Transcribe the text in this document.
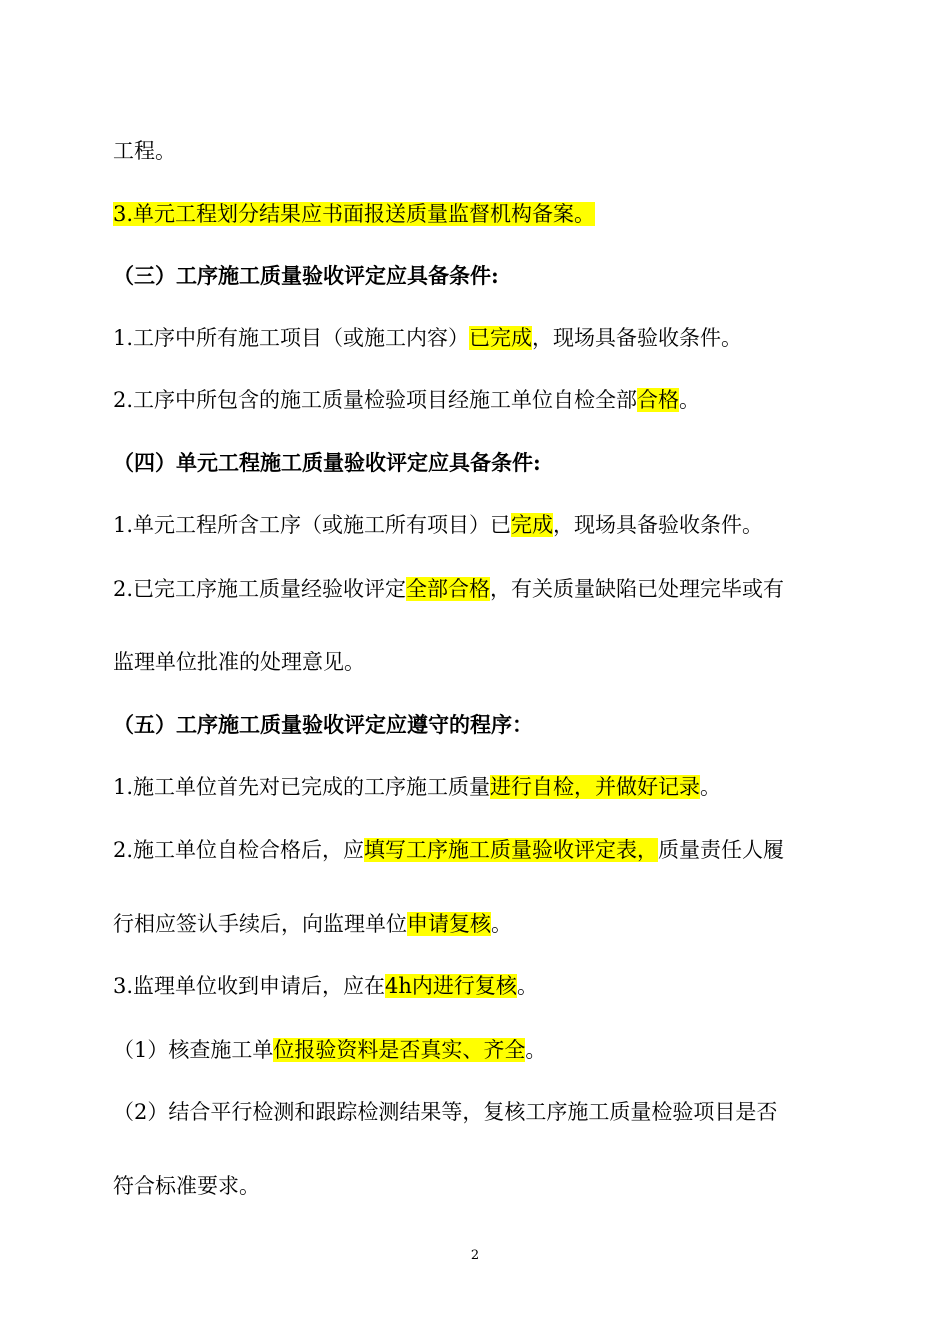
工程。
3.单元工程划分结果应书面报送质量监督机构备案。
（三）工序施工质量验收评定应具备条件:
1.工序中所有施工项目（或施工内容）已完成，现场具备验收条件。
2.工序中所包含的施工质量检验项目经施工单位自检全部合格。
（四）单元工程施工质量验收评定应具备条件:
1.单元工程所含工序（或施工所有项目）已完成，现场具备验收条件。
2.已完工序施工质量经验收评定全部合格，有关质量缺陷已处理完毕或有
监理单位批准的处理意见。
（五）工序施工质量验收评定应遵守的程序：
1.施工单位首先对已完成的工序施工质量进行自检，并做好记录。
2.施工单位自检合格后，应填写工序施工质量验收评定表，质量责任人履
行相应签认手续后，向监理单位申请复核。
3.监理单位收到申请后，应在4h内进行复核。
（1）核查施工单位报验资料是否真实、齐全。
（2）结合平行检测和跟踪检测结果等，复核工序施工质量检验项目是否
符合标准要求。
2
